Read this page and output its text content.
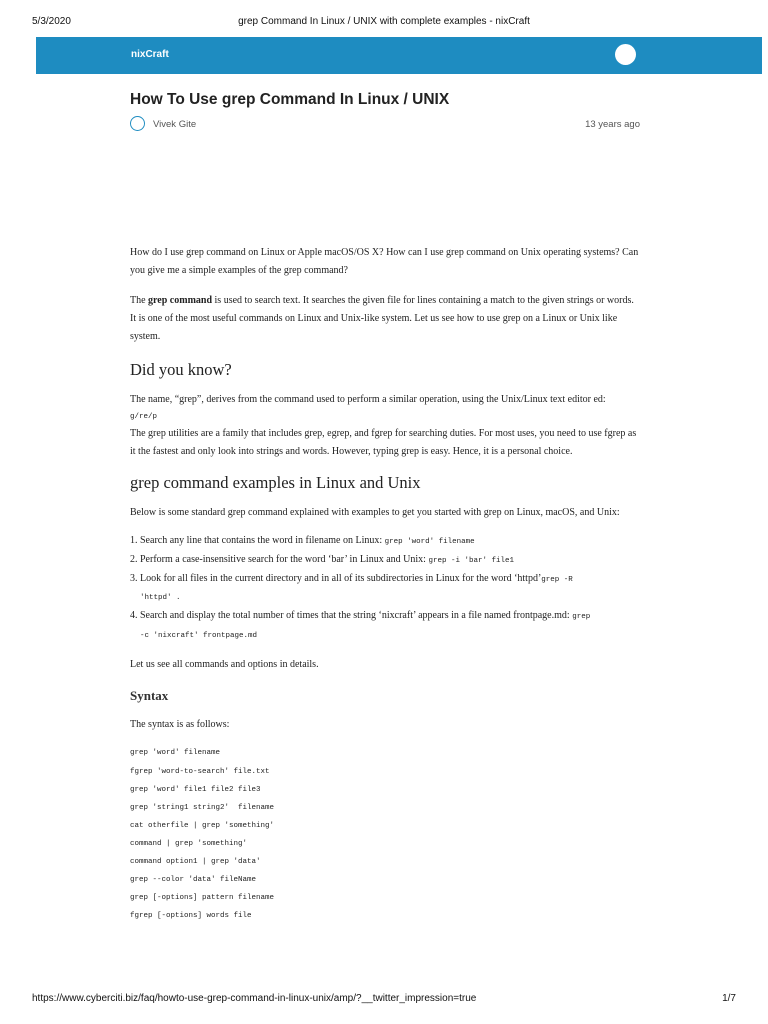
5/3/2020	grep Command In Linux / UNIX with complete examples - nixCraft
nixCraft
How To Use grep Command In Linux / UNIX
Vivek Gite	13 years ago

How do I use grep command on Linux or Apple macOS/OS X? How can I use grep command on Unix operating systems? Can you give me a simple examples of the grep command?

The grep command is used to search text. It searches the given file for lines containing a match to the given strings or words. It is one of the most useful commands on Linux and Unix-like system. Let us see how to use grep on a Linux or Unix like system.

Did you know?

The name, “grep”, derives from the command used to perform a similar operation, using the Unix/Linux text editor ed:

g/re/p

The grep utilities are a family that includes grep, egrep, and fgrep for searching duties. For most uses, you need to use fgrep as it the fastest and only look into strings and words. However, typing grep is easy. Hence, it is a personal choice.

grep command examples in Linux and Unix

Below is some standard grep command explained with examples to get you started with grep on Linux, macOS, and Unix:

1. Search any line that contains the word in filename on Linux: grep 'word' filename
2. Perform a case-insensitive search for the word ‘bar’ in Linux and Unix: grep -i 'bar' file1
3. Look for all files in the current directory and in all of its subdirectories in Linux for the word ‘httpd’grep -R
'httpd' .
4. Search and display the total number of times that the string ‘nixcraft’ appears in a file named frontpage.md: grep
-c 'nixcraft' frontpage.md

Let us see all commands and options in details.

Syntax

The syntax is as follows:

grep 'word' filename
fgrep 'word-to-search' file.txt
grep 'word' file1 file2 file3
grep 'string1 string2'  filename
cat otherfile | grep 'something'
command | grep 'something'
command option1 | grep 'data'
grep --color 'data' fileName
grep [-options] pattern filename
fgrep [-options] words file
https://www.cyberciti.biz/faq/howto-use-grep-command-in-linux-unix/amp/?__twitter_impression=true	1/7
